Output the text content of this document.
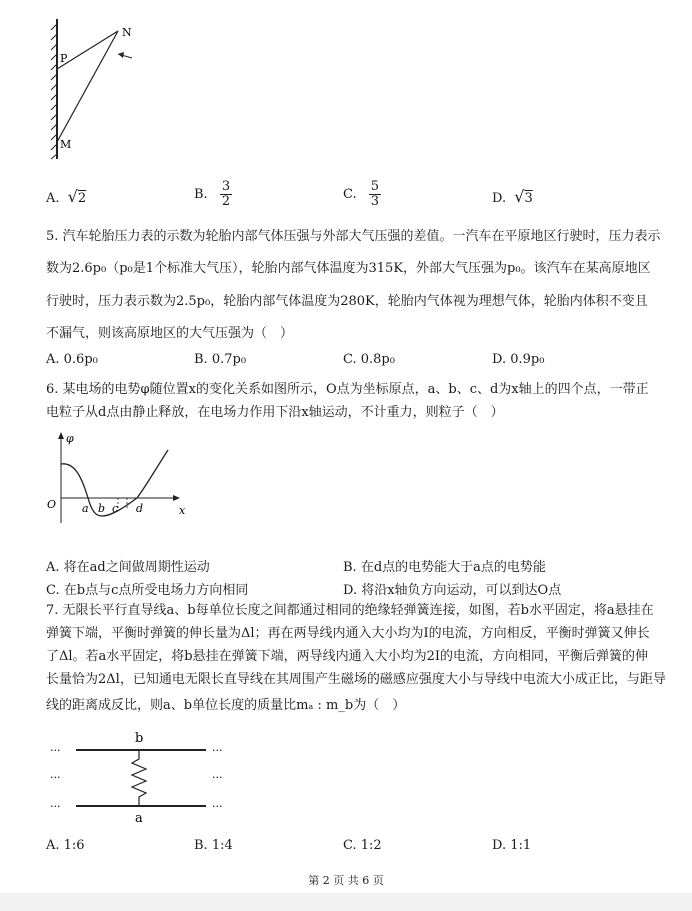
P
N
M
A. √2	B. $\frac{3}{2}$	C. $\frac{5}{3}$	D. √3
5. 汽车轮胎压力表的示数为轮胎内部气体压强与外部大气压强的差值。一汽车在平原地区行驶时，压力表示
数为2.6p₀（p₀是1个标准大气压），轮胎内部气体温度为315K，外部大气压强为p₀。该汽车在某高原地区
行驶时，压力表示数为2.5p₀，轮胎内部气体温度为280K，轮胎内气体视为理想气体，轮胎内体积不变且
不漏气，则该高原地区的大气压强为（　）
A. 0.6p₀	B. 0.7p₀	C. 0.8p₀	D. 0.9p₀
6. 某电场的电势φ随位置x的变化关系如图所示，O点为坐标原点，a、b、c、d为x轴上的四个点，一带正
电粒子从d点由静止释放，在电场力作用下沿x轴运动，不计重力，则粒子（　）
φ
O	x
a b c d
A. 将在ad之间做周期性运动	B. 在d点的电势能大于a点的电势能
C. 在b点与c点所受电场力方向相同	D. 将沿x轴负方向运动，可以到达O点
7. 无限长平行直导线a、b每单位长度之间都通过相同的绝缘轻弹簧连接，如图，若b水平固定，将a悬挂在
弹簧下端，平衡时弹簧的伸长量为Δl；再在两导线内通入大小均为I的电流，方向相反，平衡时弹簧又伸长
了Δl。若a水平固定，将b悬挂在弹簧下端，两导线内通入大小均为2I的电流，方向相同，平衡后弹簧的伸
长量恰为2Δl，已知通电无限长直导线在其周围产生磁场的磁感应强度大小与导线中电流大小成正比，与距导
线的距离成反比，则a、b单位长度的质量比mₐ : m_b为（　）
b
a
···	···
···	···
···	···
A. 1:6	B. 1:4	C. 1:2	D. 1:1
第 2 页 共 6 页
